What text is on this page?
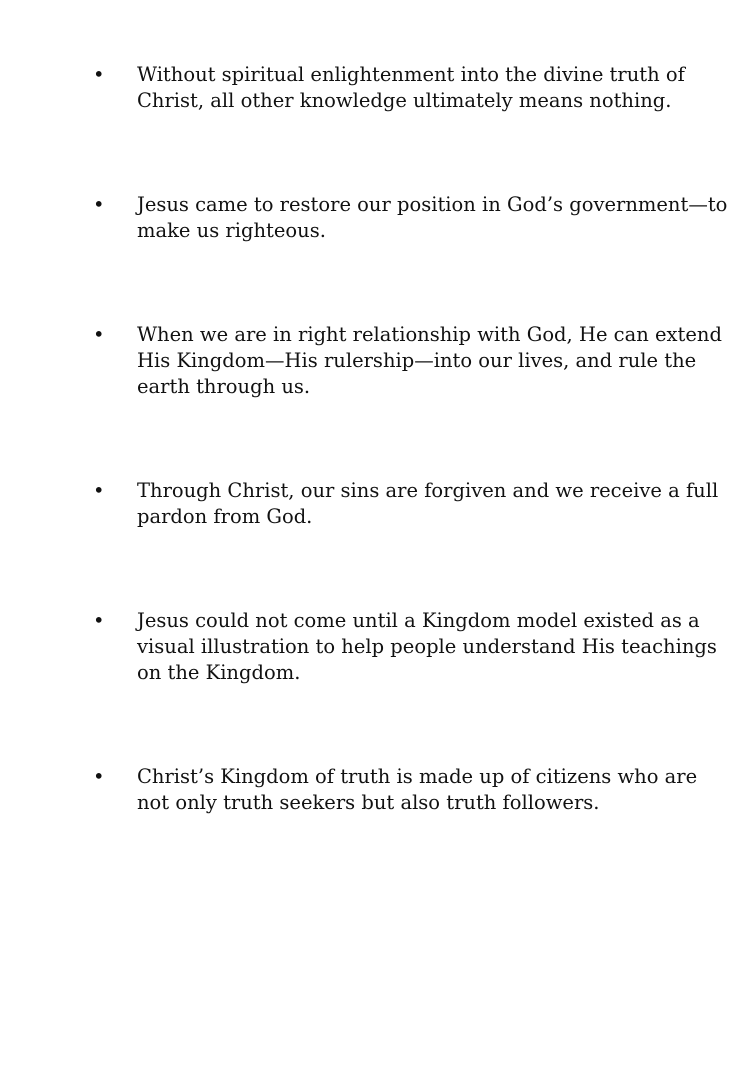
•	Without spiritual enlightenment into the divine truth of Christ, all other knowledge ultimately means nothing.
•	Jesus came to restore our position in God’s government—to make us righteous.
•	When we are in right relationship with God, He can extend His Kingdom—His rulership—into our lives, and rule the earth through us.
•	Through Christ, our sins are forgiven and we receive a full pardon from God.
•	Jesus could not come until a Kingdom model existed as a visual illustration to help people understand His teachings on the Kingdom.
•	Christ’s Kingdom of truth is made up of citizens who are not only truth seekers but also truth followers.
